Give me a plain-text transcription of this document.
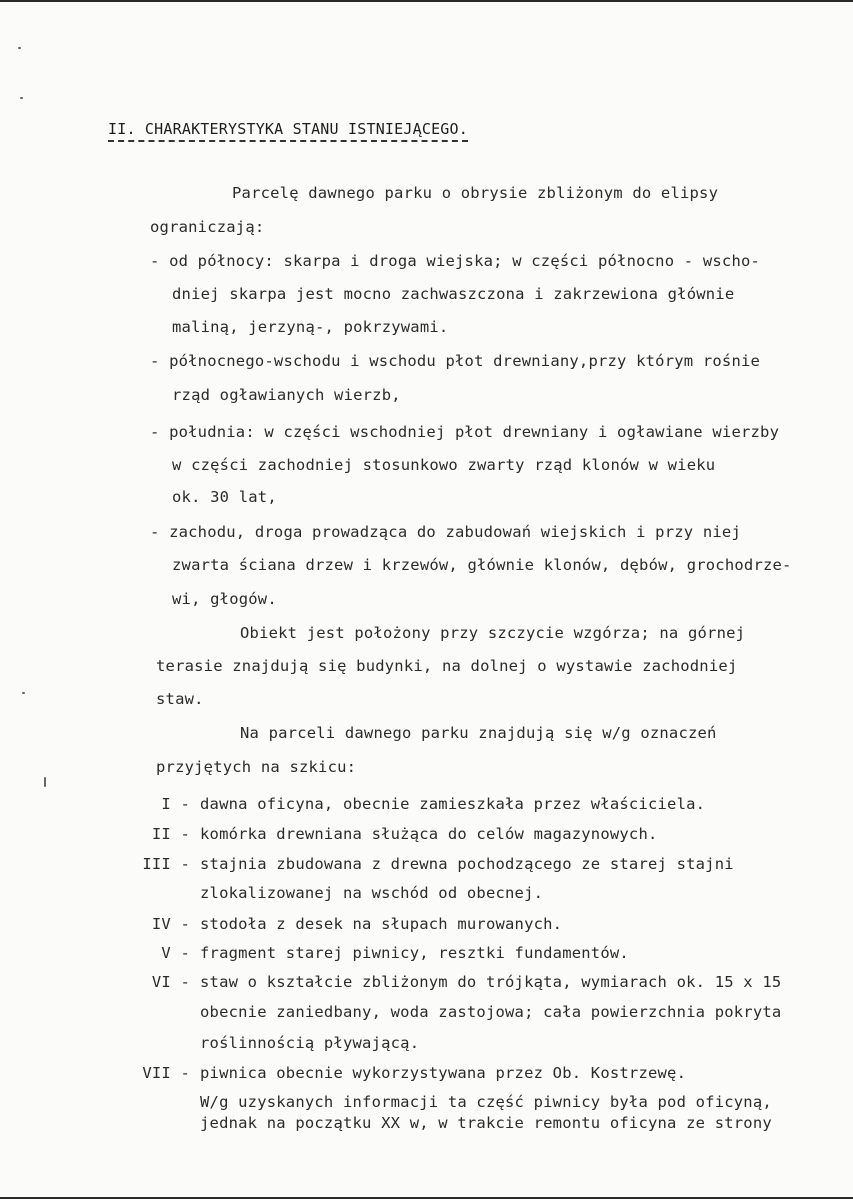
II. CHARAKTERYSTYKA STANU ISTNIEJĄCEGO.
Parcelę dawnego parku o obrysie zbliżonym do elipsy
ograniczają:
- od północy: skarpa i droga wiejska; w części północno - wscho-
dniej skarpa jest mocno zachwaszczona i zakrzewiona głównie
maliną, jerzyną-, pokrzywami.
- północnego-wschodu i wschodu płot drewniany,przy którym rośnie
rząd ogławianych wierzb,
- południa: w części wschodniej płot drewniany i ogławiane wierzby
w części zachodniej stosunkowo zwarty rząd klonów w wieku
ok. 30 lat,
- zachodu, droga prowadząca do zabudowań wiejskich i przy niej
zwarta ściana drzew i krzewów, głównie klonów, dębów, grochodrze-
wi, głogów.
Obiekt jest położony przy szczycie wzgórza; na górnej
terasie znajdują się budynki, na dolnej o wystawie zachodniej
staw.
Na parceli dawnego parku znajdują się w/g oznaczeń
przyjętych na szkicu:
I - dawna oficyna, obecnie zamieszkała przez właściciela.
II - komórka drewniana służąca do celów magazynowych.
III - stajnia zbudowana z drewna pochodzącego ze starej stajni
zlokalizowanej na wschód od obecnej.
IV - stodoła z desek na słupach murowanych.
V - fragment starej piwnicy, resztki fundamentów.
VI - staw o kształcie zbliżonym do trójkąta, wymiarach ok. 15 x 15
obecnie zaniedbany, woda zastojowa; cała powierzchnia pokryta
roślinnością pływającą.
VII - piwnica obecnie wykorzystywana przez Ob. Kostrzewę.
W/g uzyskanych informacji ta część piwnicy była pod oficyną,
jednak na początku XX w, w trakcie remontu oficyna ze strony
